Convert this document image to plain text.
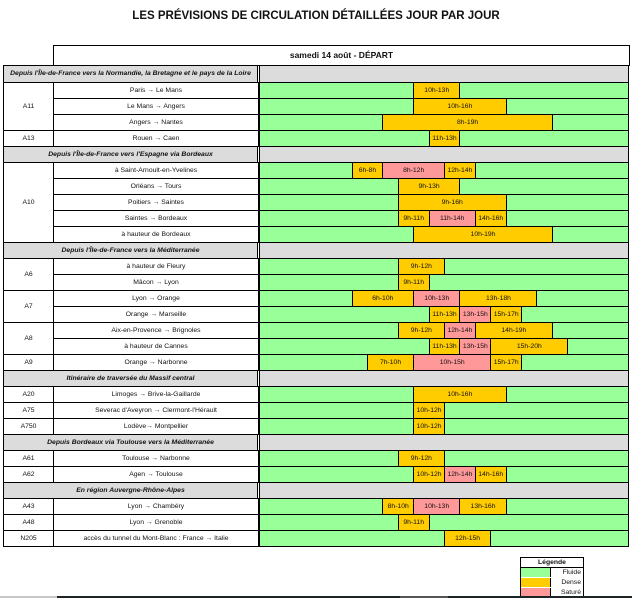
LES PRÉVISIONS DE CIRCULATION DÉTAILLÉES JOUR PAR JOUR
samedi 14 août - DÉPART
Depuis l'Île-de-France vers la Normandie, la Bretagne et le pays de la Loire
A11
Paris → Le Mans	10h-13h
Le Mans → Angers	10h-16h
Angers → Nantes	8h-19h
A13	Rouen → Caen	11h-13h
Depuis l'Île-de-France vers l'Espagne via Bordeaux
A10
à Saint-Arnoult-en-Yvelines	6h-8h	8h-12h	12h-14h
Orléans → Tours	9h-13h
Poitiers → Saintes	9h-16h
Saintes → Bordeaux	9h-11h	11h-14h	14h-16h
à hauteur de Bordeaux	10h-19h
Depuis l'Île-de-France vers la Méditerranée
A6
à hauteur de Fleury	9h-12h
Mâcon → Lyon	9h-11h
A7
Lyon → Orange	6h-10h	10h-13h	13h-18h
Orange → Marseille	11h-13h 13h-15h 15h-17h
A8
Aix-en-Provence → Brignoles	9h-12h	12h-14h	14h-19h
à hauteur de Cannes	11h-13h 13h-15h	15h-20h
A9	Orange → Narbonne	7h-10h	10h-15h	15h-17h
Itinéraire de traversée du Massif central
A20	Limoges → Brive-la-Gaillarde	10h-16h
A75	Severac d'Aveyron → Clermont-l'Hérault	10h-12h
A750	Lodève→ Montpellier	10h-12h
Depuis Bordeaux via Toulouse vers la Méditerranée
A61	Toulouse → Narbonne	9h-12h
A62	Agen → Toulouse	10h-12h 12h-14h 14h-16h
En région Auvergne-Rhône-Alpes
A43	Lyon → Chambéry	8h-10h	10h-13h	13h-16h
A48	Lyon → Grenoble	9h-11h
N205	accès du tunnel du Mont-Blanc : France → Italie	12h-15h
Légende
Fluide
Dense
Saturé
